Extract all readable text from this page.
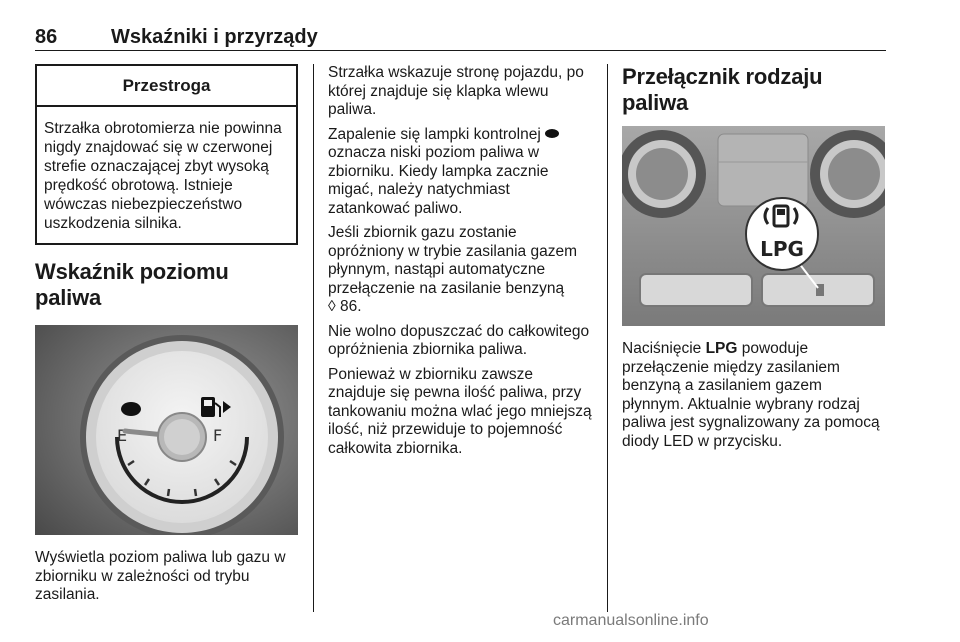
86	Wskaźniki i przyrządy
Przestroga
Strzałka obrotomierza nie powinna nigdy znajdować się w czerwonej strefie oznaczającej zbyt wysoką prędkość obrotową. Istnieje wówczas niebezpieczeństwo uszkodzenia silnika.
Wskaźnik poziomu paliwa
E	F

Wyświetla poziom paliwa lub gazu w zbiorniku w zależności od trybu zasilania.

Strzałka wskazuje stronę pojazdu, po której znajduje się klapka wlewu paliwa.

Zapalenie się lampki kontrolnej  oznacza niski poziom paliwa w zbiorniku. Kiedy lampka zacznie migać, należy natychmiast zatankować paliwo.

Jeśli zbiornik gazu zostanie opróżniony w trybie zasilania gazem płynnym, nastąpi automatyczne przełączenie na zasilanie benzyną
◊ 86.

Nie wolno dopuszczać do całkowitego opróżnienia zbiornika paliwa.

Ponieważ w zbiorniku zawsze znajduje się pewna ilość paliwa, przy tankowaniu można wlać jego mniejszą ilość, niż przewiduje to pojemność całkowita zbiornika.

Przełącznik rodzaju paliwa
LPG

Naciśnięcie LPG powoduje przełączenie między zasilaniem benzyną a zasilaniem gazem płynnym. Aktualnie wybrany rodzaj paliwa jest sygnalizowany za pomocą diody LED w przycisku.

carmanualsonline.info
